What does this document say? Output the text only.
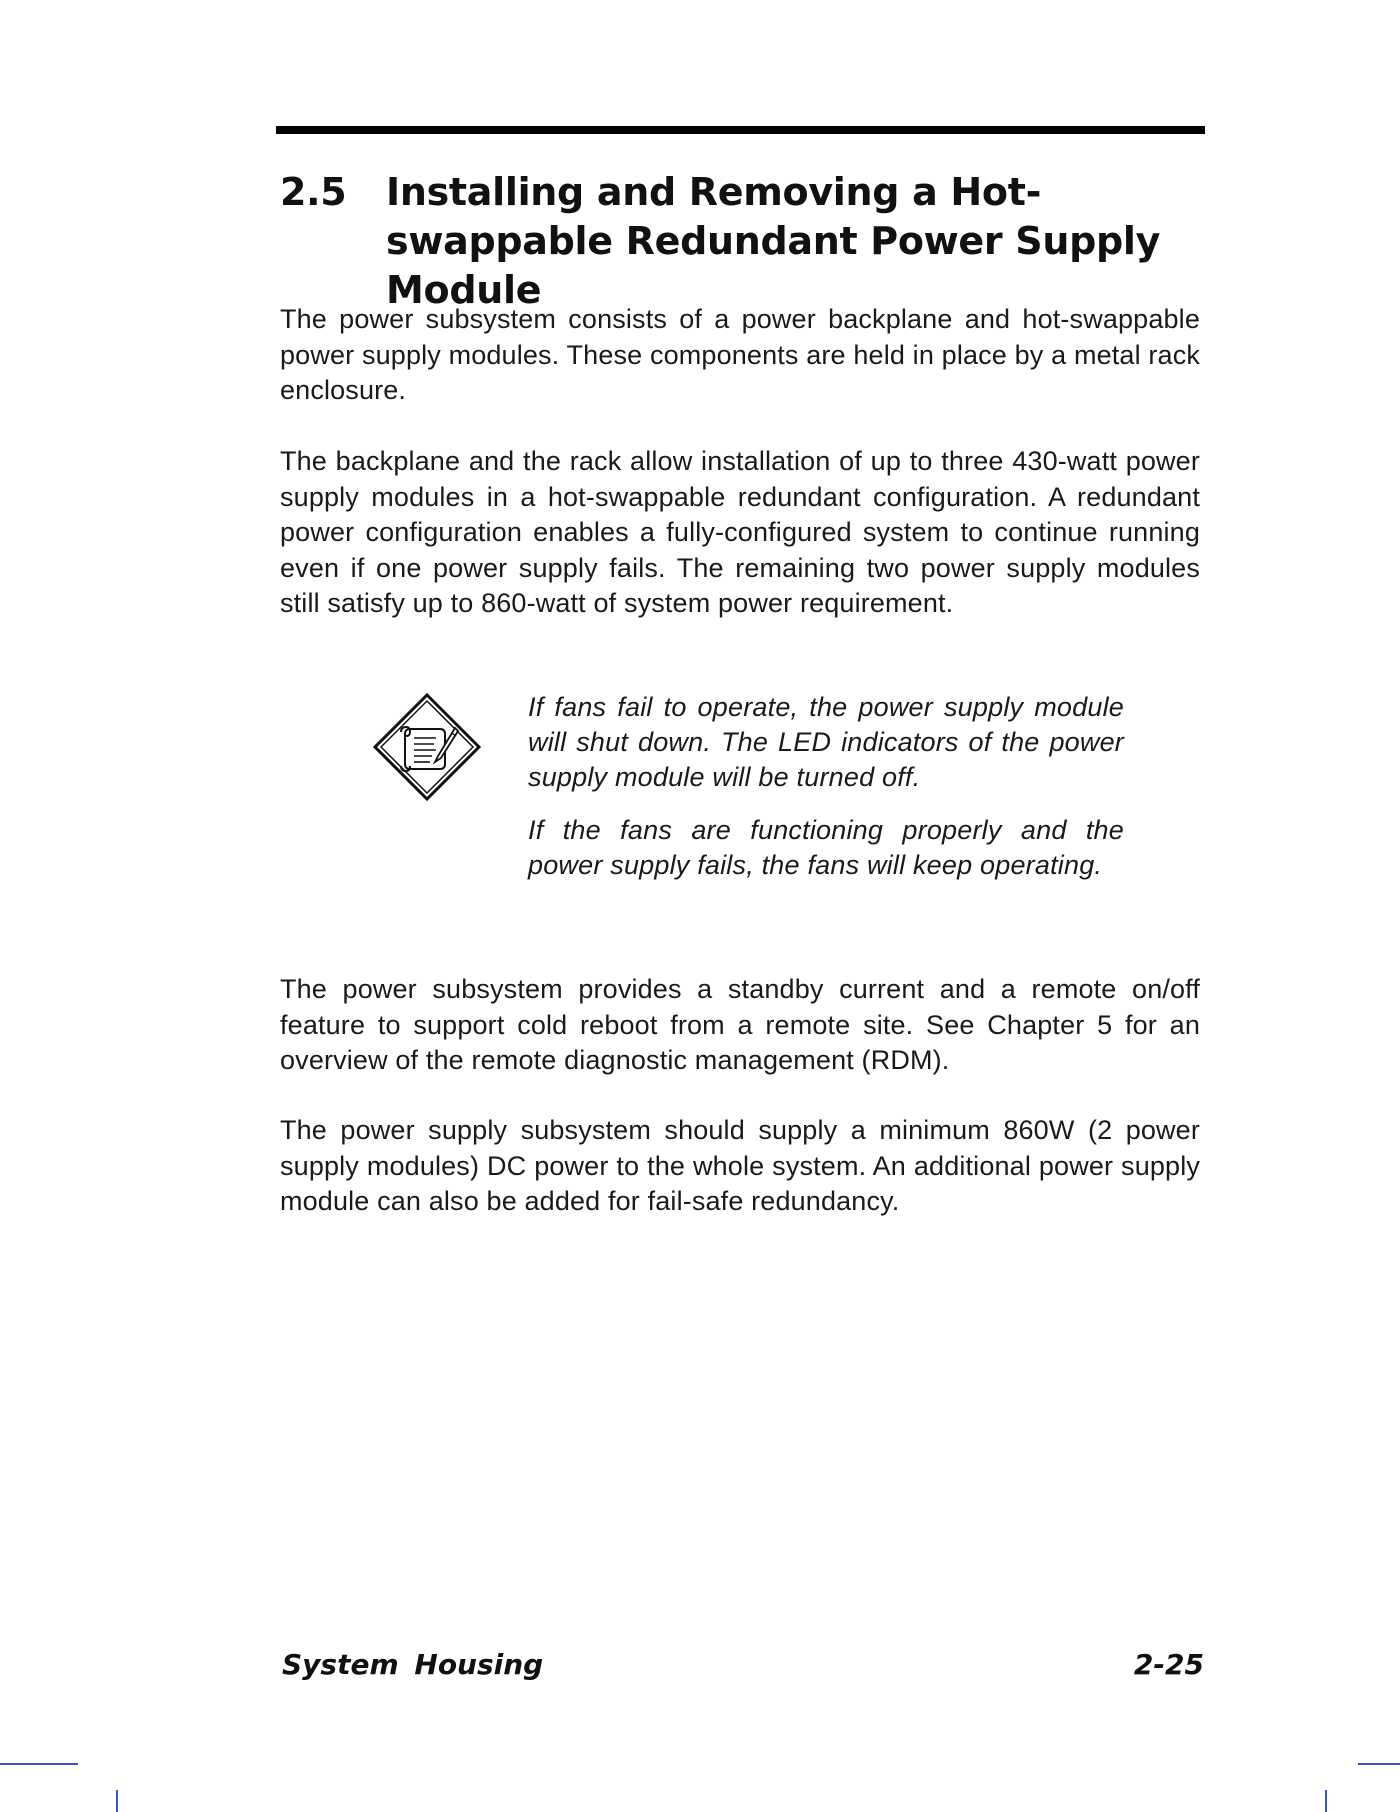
2.5 Installing and Removing a Hot-swappable Redundant Power Supply Module

The power subsystem consists of a power backplane and hot-swappable power supply modules. These components are held in place by a metal rack enclosure.

The backplane and the rack allow installation of up to three 430-watt power supply modules in a hot-swappable redundant configuration. A redundant power configuration enables a fully-configured system to continue running even if one power supply fails. The remaining two power supply modules still satisfy up to 860-watt of system power requirement.

If fans fail to operate, the power supply module will shut down. The LED indicators of the power supply module will be turned off.

If the fans are functioning properly and the power supply fails, the fans will keep operating.

The power subsystem provides a standby current and a remote on/off feature to support cold reboot from a remote site. See Chapter 5 for an overview of the remote diagnostic management (RDM).

The power supply subsystem should supply a minimum 860W (2 power supply modules) DC power to the whole system. An additional power supply module can also be added for fail-safe redundancy.

System Housing	2-25
